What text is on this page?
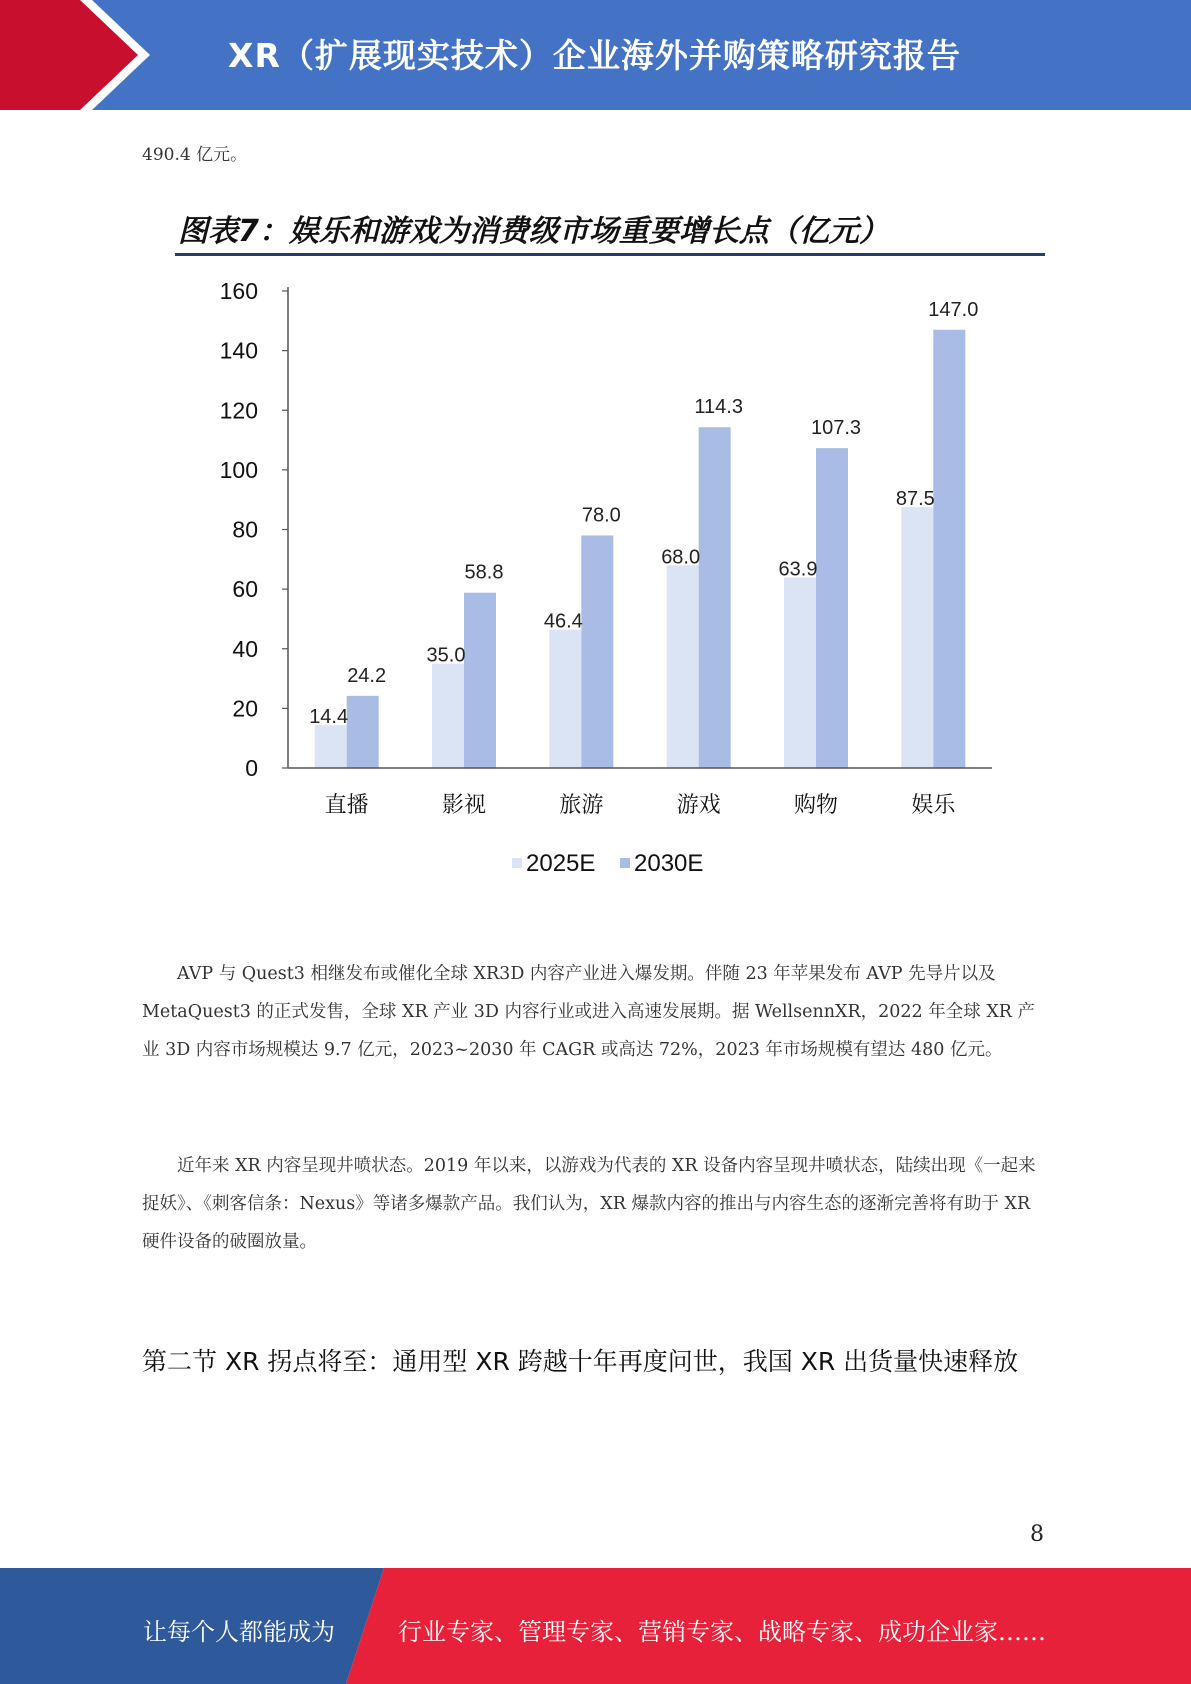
XR（扩展现实技术）企业海外并购策略研究报告
490.4 亿元。
图表7：娱乐和游戏为消费级市场重要增长点（亿元）
0
20
40
60
80
100
120
140
160
14.4
24.2
35.0
58.8
46.4
78.0
68.0
114.3
63.9
107.3
87.5
147.0
直播	影视	旅游	游戏	购物	娱乐
2025E 2030E

AVP 与 Quest3 相继发布或催化全球 XR3D 内容产业进入爆发期。伴随 23 年苹果发布 AVP 先导片以及 MetaQuest3 的正式发售，全球 XR 产业 3D 内容行业或进入高速发展期。据 WellsennXR，2022 年全球 XR 产业 3D 内容市场规模达 9.7 亿元，2023~2030 年 CAGR 或高达 72%，2023 年市场规模有望达 480 亿元。

近年来 XR 内容呈现井喷状态。2019 年以来，以游戏为代表的 XR 设备内容呈现井喷状态，陆续出现《一起来捉妖》、《刺客信条：Nexus》等诸多爆款产品。我们认为，XR 爆款内容的推出与内容生态的逐渐完善将有助于 XR 硬件设备的破圈放量。

第二节 XR 拐点将至：通用型 XR 跨越十年再度问世，我国 XR 出货量快速释放
8
让每个人都能成为	行业专家、管理专家、营销专家、战略专家、成功企业家……
